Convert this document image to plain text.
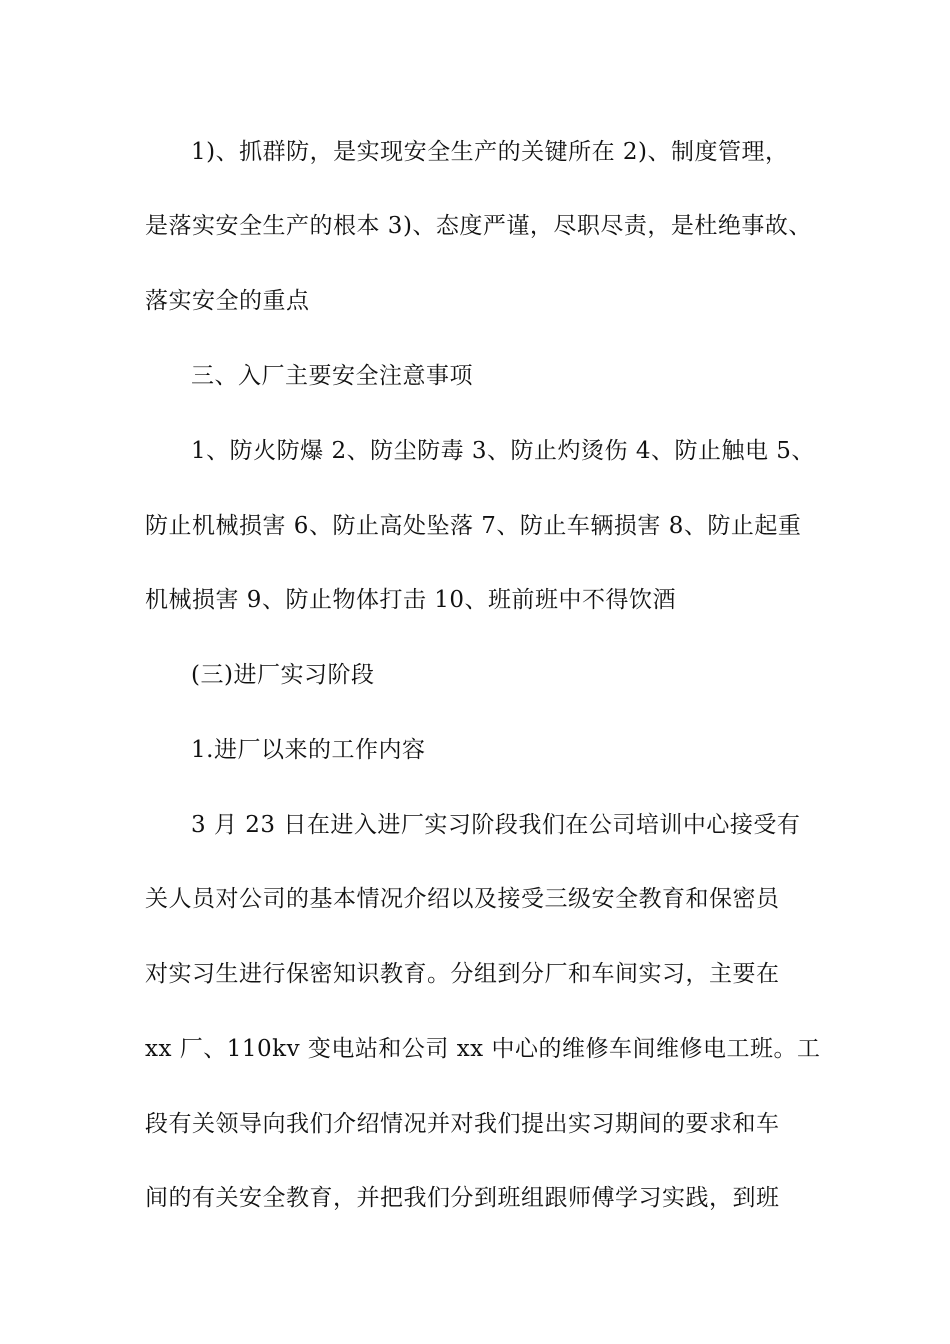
1)、抓群防，是实现安全生产的关键所在 2)、制度管理，
是落实安全生产的根本 3)、态度严谨，尽职尽责，是杜绝事故、
落实安全的重点
三、入厂主要安全注意事项
1、防火防爆 2、防尘防毒 3、防止灼烫伤 4、防止触电 5、
防止机械损害 6、防止高处坠落 7、防止车辆损害 8、防止起重
机械损害 9、防止物体打击 10、班前班中不得饮酒
(三)进厂实习阶段
1.进厂以来的工作内容
3 月 23 日在进入进厂实习阶段我们在公司培训中心接受有
关人员对公司的基本情况介绍以及接受三级安全教育和保密员
对实习生进行保密知识教育。分组到分厂和车间实习，主要在
xx 厂、110kv 变电站和公司 xx 中心的维修车间维修电工班。工
段有关领导向我们介绍情况并对我们提出实习期间的要求和车
间的有关安全教育，并把我们分到班组跟师傅学习实践，到班
